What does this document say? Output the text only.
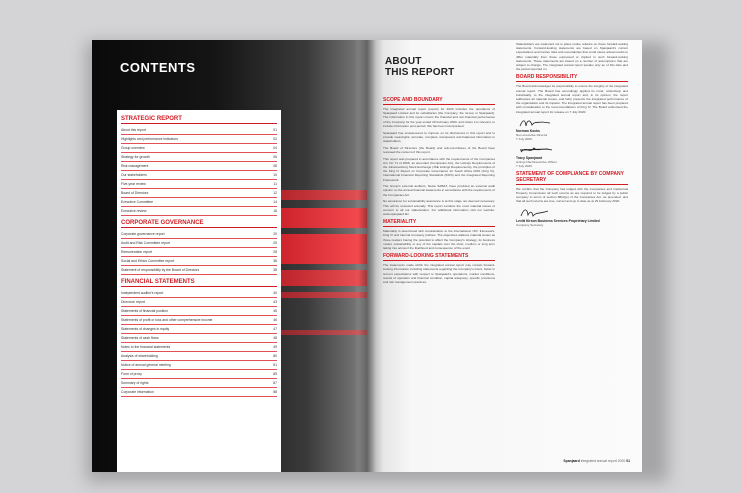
CONTENTS
STRATEGIC REPORT
About this report	01
Highlights and performance indicators	02
Group overview	04
Strategy for growth	06
Risk management	08
Our stakeholders	10
Five-year review	11
Board of Directors	12
Executive Committee	14
Executive review	16
CORPORATE GOVERNANCE
Corporate governance report	20
Audit and Risk Committee report	25
Remuneration report	28
Social and Ethics Committee report	36
Statement of responsibility by the Board of Directors	38
FINANCIAL STATEMENTS
Independent auditor's report	40
Directors' report	43
Statements of financial position	45
Statements of profit or loss and other comprehensive income	46
Statements of changes in equity	47
Statements of cash flows	48
Notes to the financial statements	49
Analysis of shareholding	80
Notice of annual general meeting	81
Form of proxy	85
Summary of rights	87
Corporate information	88
ABOUT
THIS REPORT
SCOPE AND BOUNDARY
The integrated annual report (report) for 2020 includes the operations of Spanjaard Limited and its subsidiaries (the Company, the Group or Spanjaard). The information in this report covers the financial and non-financial performance of the Company for the year ended 29 February 2020, and where it is relevant, to include information post-period, this has been incorporated.
Spanjaard has endeavoured to improve on its disclosures in this report and to provide meaningful, accurate, complete, transparent and balanced information to stakeholders.
The Board of Directors (the Board) and sub-committees of the Board have reviewed the content of this report.
This report was prepared in accordance with the requirements of the Companies Act, No 71 of 2008, as amended (Companies Act), the Listings Requirements of the Johannesburg Stock Exchange (JSE Listings Requirements), the principles of the King IV Report on Corporate Governance for South Africa 2016 (King IV), International Financial Reporting Standards (IFRS) and the Integrated Reporting Framework.
The Group's external auditors, Nexia SAB&T, have provided an external audit opinion on the annual financial statements in accordance with the requirements of the Companies Act.
No assurance for sustainability assurance is at this stage not deemed necessary. This will be reviewed annually. This report contains the most material issues of concern to all our stakeholders. For additional information visit our website: www.spanjaard.biz.
MATERIALITY
Materiality is determined with consideration to the international <IR> framework, King IV and internal Company policies. The objectives address material issues as those matters having the potential to affect the Company's strategy, its business model, sustainability or any of the capitals over the short, medium or long term taking into account the likelihood and consequence of the event.
FORWARD-LOOKING STATEMENTS
The statements made within the integrated annual report may contain forward-looking information including statements regarding the Company's intent, belief or current expectations with respect to Spanjaard's operations, market conditions, results of operation and financial condition, capital adequacy, specific provisions and risk management practices.
Stakeholders are cautioned not to place undue reliance on these forward-looking statements. Forward-looking statements are based on Spanjaard's current expectations and involve risks and uncertainties that could cause actual results to differ materially from those expressed or implied in such forward-looking statements. These statements are based on a number of assumptions that are subject to change. The integrated annual report speaks only as of this date and the period reported on.
BOARD RESPONSIBILITY
The Board acknowledges its responsibility to ensure the integrity of the integrated annual report. The Board has accordingly applied its mind, collectively and individually, to the integrated annual report and, in its opinion, the report addresses all material issues, and fairly presents the integrated performance of the organisation and its impacts. The integrated annual report has been prepared with consideration to the recommendations of King IV. The Board authorised the integrated annual report for release on 7 July 2020.
Norman Kocks
Non-executive Director
7 July 2020
Tracy Spanjaard
Acting Chief Executive Officer
7 July 2020
STATEMENT OF COMPLIANCE BY COMPANY SECRETARY
We confirm that the Company has lodged with the Companies and Intellectual Property Commission all such returns as are required to be lodged by a public company in terms of section 88(2)(e) of the Companies Act, as amended, and that all such returns are true, correct and up to date as at 29 February 2020.
Levitt Kirson Business Services Proprietary Limited
Company Secretary
Spanjaard integrated annual report 2020 01
